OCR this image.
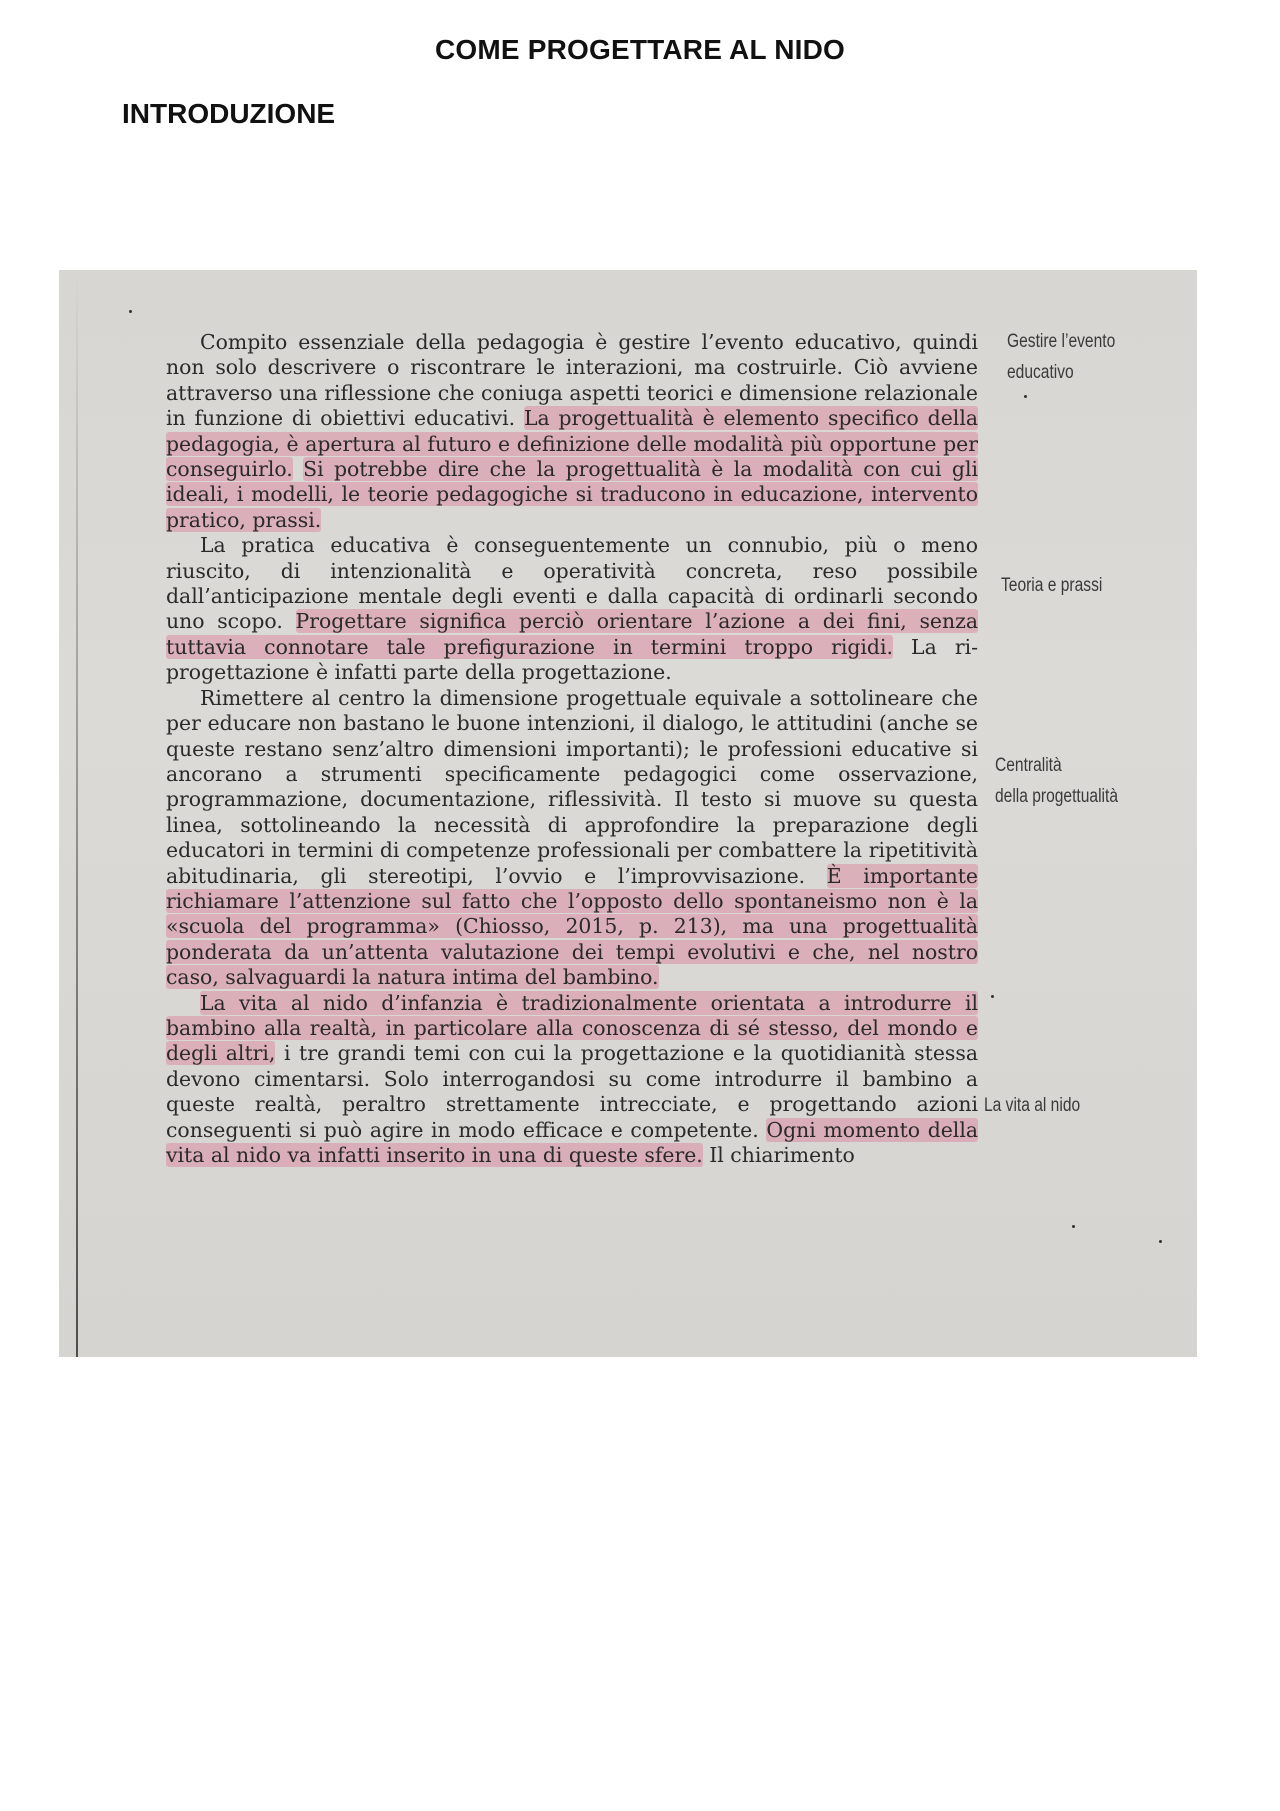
COME PROGETTARE AL NIDO
INTRODUZIONE

Compito essenziale della pedagogia è gestire l’evento educativo, quindi non solo descrivere o riscontrare le interazioni, ma costruirle. Ciò avviene attraverso una riflessione che coniuga aspetti teorici e dimensione relazionale in funzione di obiettivi educativi. La progettualità è elemento specifico della pedagogia, è apertura al futuro e definizione delle modalità più opportune per conseguirlo. Si potrebbe dire che la progettualità è la modalità con cui gli ideali, i modelli, le teorie pedagogiche si traducono in educazione, intervento pratico, prassi.

La pratica educativa è conseguentemente un connubio, più o meno riuscito, di intenzionalità e operatività concreta, reso possibile dall’anticipazione mentale degli eventi e dalla capacità di ordinarli secondo uno scopo. Progettare significa perciò orientare l’azione a dei fini, senza tuttavia connotare tale prefigurazione in termini troppo rigidi. La ri-progettazione è infatti parte della progettazione.

Rimettere al centro la dimensione progettuale equivale a sottolineare che per educare non bastano le buone intenzioni, il dialogo, le attitudini (anche se queste restano senz’altro dimensioni importanti); le professioni educative si ancorano a strumenti specificamente pedagogici come osservazione, programmazione, documentazione, riflessività. Il testo si muove su questa linea, sottolineando la necessità di approfondire la preparazione degli educatori in termini di competenze professionali per combattere la ripetitività abitudinaria, gli stereotipi, l’ovvio e l’improvvisazione. È importante richiamare l’attenzione sul fatto che l’opposto dello spontaneismo non è la «scuola del programma» (Chiosso, 2015, p. 213), ma una progettualità ponderata da un’attenta valutazione dei tempi evolutivi e che, nel nostro caso, salvaguardi la natura intima del bambino.

La vita al nido d’infanzia è tradizionalmente orientata a introdurre il bambino alla realtà, in particolare alla conoscenza di sé stesso, del mondo e degli altri, i tre grandi temi con cui la progettazione e la quotidianità stessa devono cimentarsi. Solo interrogandosi su come introdurre il bambino a queste realtà, peraltro strettamente intrecciate, e progettando azioni conseguenti si può agire in modo efficace e competente. Ogni momento della vita al nido va infatti inserito in una di queste sfere. Il chiarimento

Gestire l’evento
educativo
Teoria e prassi
Centralità
della progettualità
La vita al nido
